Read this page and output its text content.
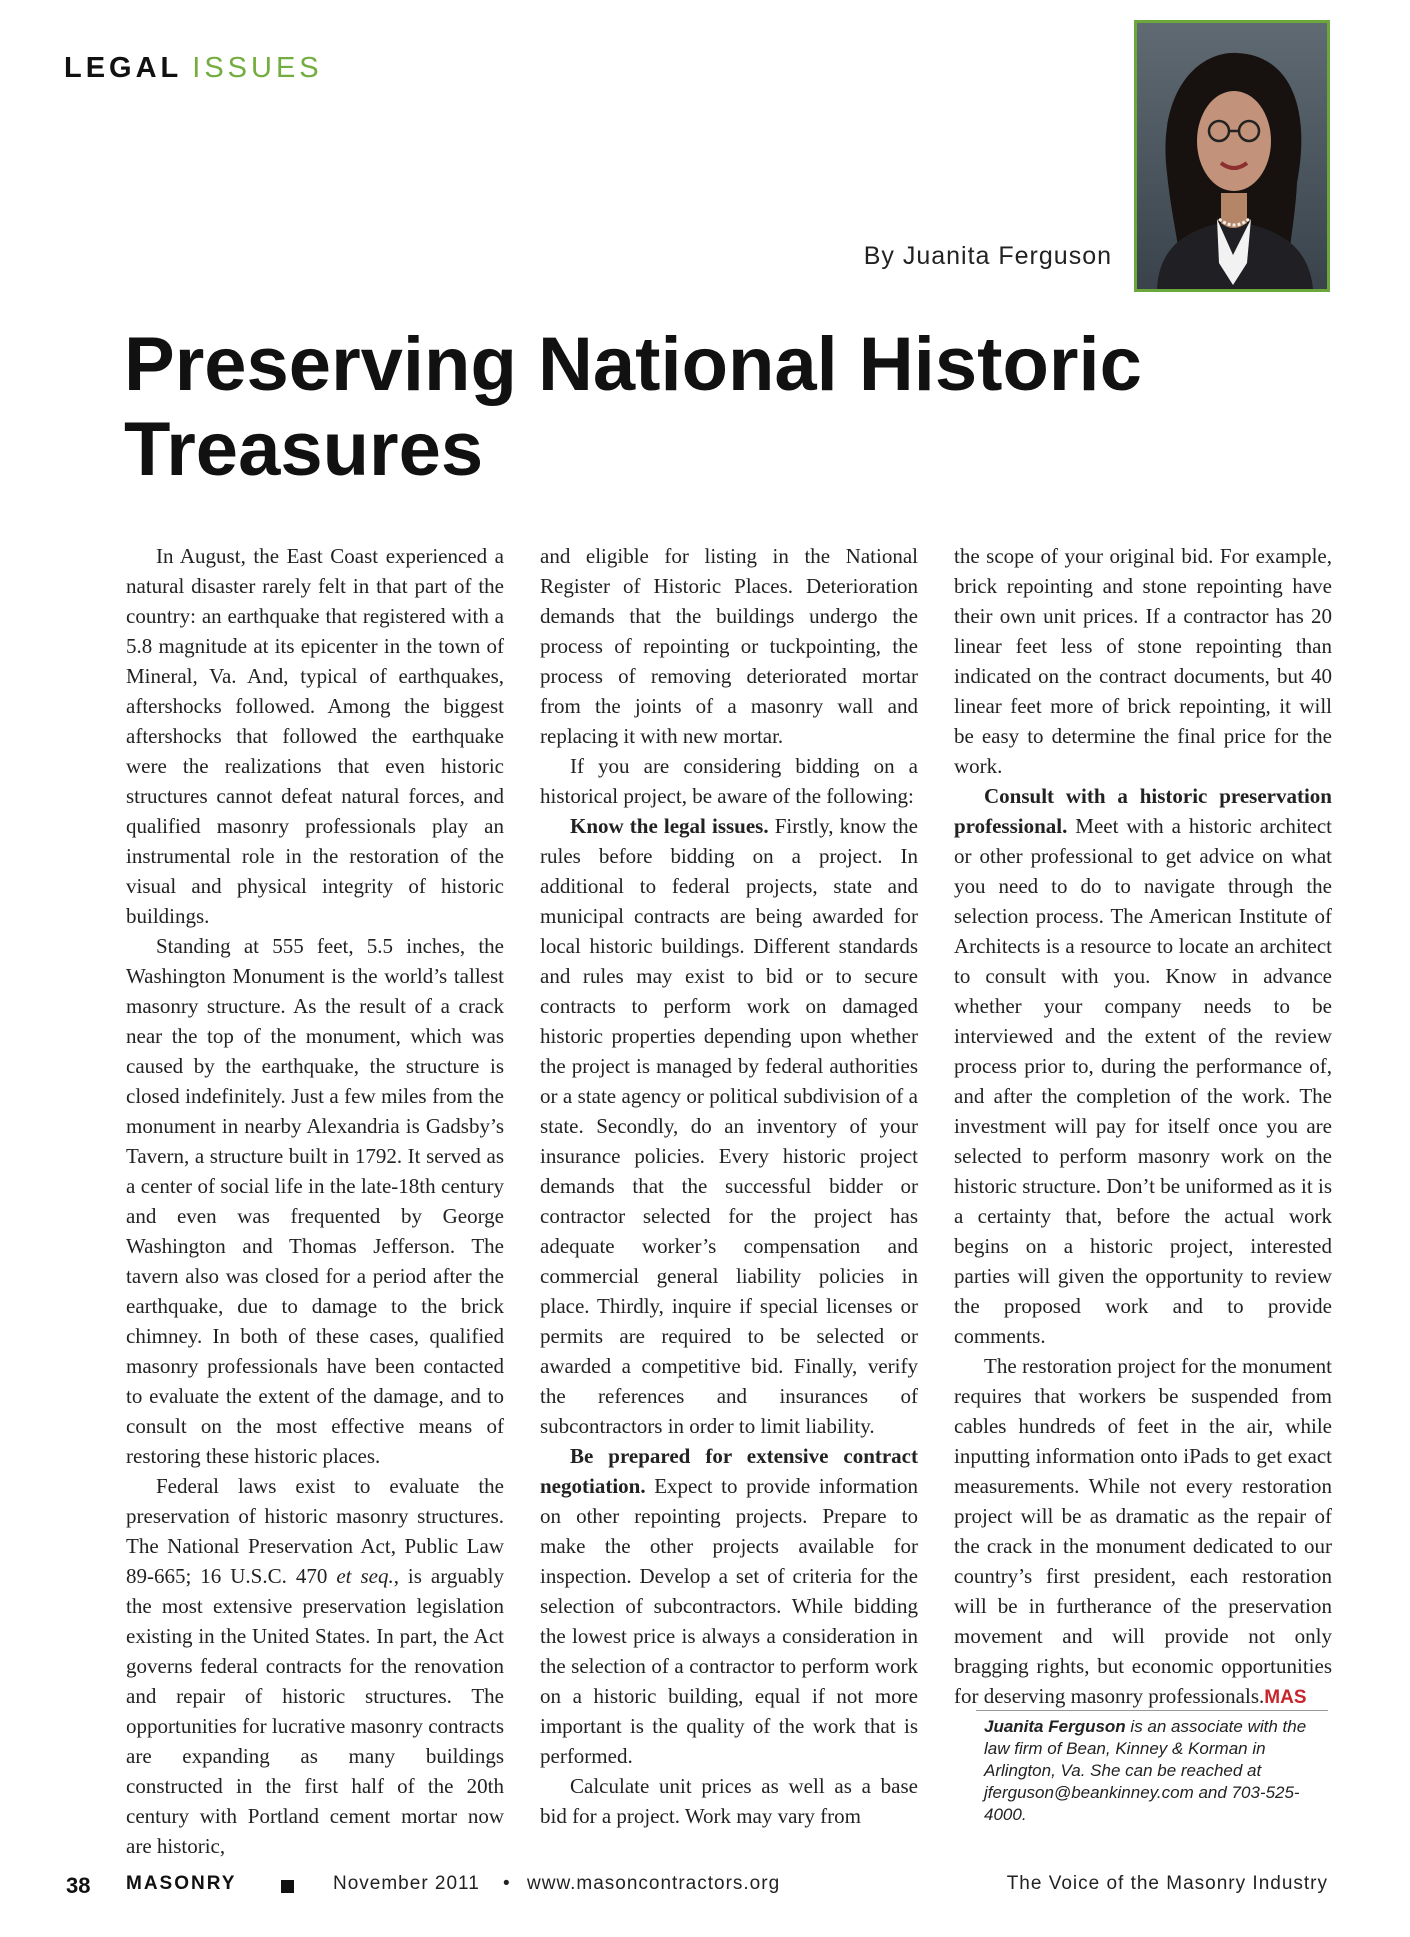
LEGAL ISSUES
By Juanita Ferguson
Preserving National Historic Treasures

In August, the East Coast experienced a natural disaster rarely felt in that part of the country: an earthquake that registered with a 5.8 magnitude at its epicenter in the town of Mineral, Va. And, typical of earthquakes, aftershocks followed. Among the biggest aftershocks that followed the earthquake were the realizations that even historic structures cannot defeat natural forces, and qualified masonry professionals play an instrumental role in the restoration of the visual and physical integrity of historic buildings.

Standing at 555 feet, 5.5 inches, the Washington Monument is the world’s tallest masonry structure. As the result of a crack near the top of the monument, which was caused by the earthquake, the structure is closed indefinitely. Just a few miles from the monument in nearby Alexandria is Gadsby’s Tavern, a structure built in 1792. It served as a center of social life in the late-18th century and even was frequented by George Washington and Thomas Jefferson. The tavern also was closed for a period after the earthquake, due to damage to the brick chimney. In both of these cases, qualified masonry professionals have been contacted to evaluate the extent of the damage, and to consult on the most effective means of restoring these historic places.

Federal laws exist to evaluate the preservation of historic masonry structures. The National Preservation Act, Public Law 89-665; 16 U.S.C. 470 et seq., is arguably the most extensive preservation legislation existing in the United States. In part, the Act governs federal contracts for the renovation and repair of historic structures. The opportunities for lucrative masonry contracts are expanding as many buildings constructed in the first half of the 20th century with Portland cement mortar now are historic,

and eligible for listing in the National Register of Historic Places. Deterioration demands that the buildings undergo the process of repointing or tuckpointing, the process of removing deteriorated mortar from the joints of a masonry wall and replacing it with new mortar.

If you are considering bidding on a historical project, be aware of the following:

Know the legal issues. Firstly, know the rules before bidding on a project. In additional to federal projects, state and municipal contracts are being awarded for local historic buildings. Different standards and rules may exist to bid or to secure contracts to perform work on damaged historic properties depending upon whether the project is managed by federal authorities or a state agency or political subdivision of a state. Secondly, do an inventory of your insurance policies. Every historic project demands that the successful bidder or contractor selected for the project has adequate worker’s compensation and commercial general liability policies in place. Thirdly, inquire if special licenses or permits are required to be selected or awarded a competitive bid. Finally, verify the references and insurances of subcontractors in order to limit liability.

Be prepared for extensive contract negotiation. Expect to provide information on other repointing projects. Prepare to make the other projects available for inspection. Develop a set of criteria for the selection of subcontractors. While bidding the lowest price is always a consideration in the selection of a contractor to perform work on a historic building, equal if not more important is the quality of the work that is performed.

Calculate unit prices as well as a base bid for a project. Work may vary from

the scope of your original bid. For example, brick repointing and stone repointing have their own unit prices. If a contractor has 20 linear feet less of stone repointing than indicated on the contract documents, but 40 linear feet more of brick repointing, it will be easy to determine the final price for the work.

Consult with a historic preservation professional. Meet with a historic architect or other professional to get advice on what you need to do to navigate through the selection process. The American Institute of Architects is a resource to locate an architect to consult with you. Know in advance whether your company needs to be interviewed and the extent of the review process prior to, during the performance of, and after the completion of the work. The investment will pay for itself once you are selected to perform masonry work on the historic structure. Don’t be uniformed as it is a certainty that, before the actual work begins on a historic project, interested parties will given the opportunity to review the proposed work and to provide comments.

The restoration project for the monument requires that workers be suspended from cables hundreds of feet in the air, while inputting information onto iPads to get exact measurements. While not every restoration project will be as dramatic as the repair of the crack in the monument dedicated to our country’s first president, each restoration will be in furtherance of the preservation movement and will provide not only bragging rights, but economic opportunities for deserving masonry professionals.MAS

Juanita Ferguson is an associate with the law firm of Bean, Kinney & Korman in Arlington, Va. She can be reached at jferguson@beankinney.com and 703-525-4000.

38 MASONRY	November 2011 • www.masoncontractors.org	The Voice of the Masonry Industry
